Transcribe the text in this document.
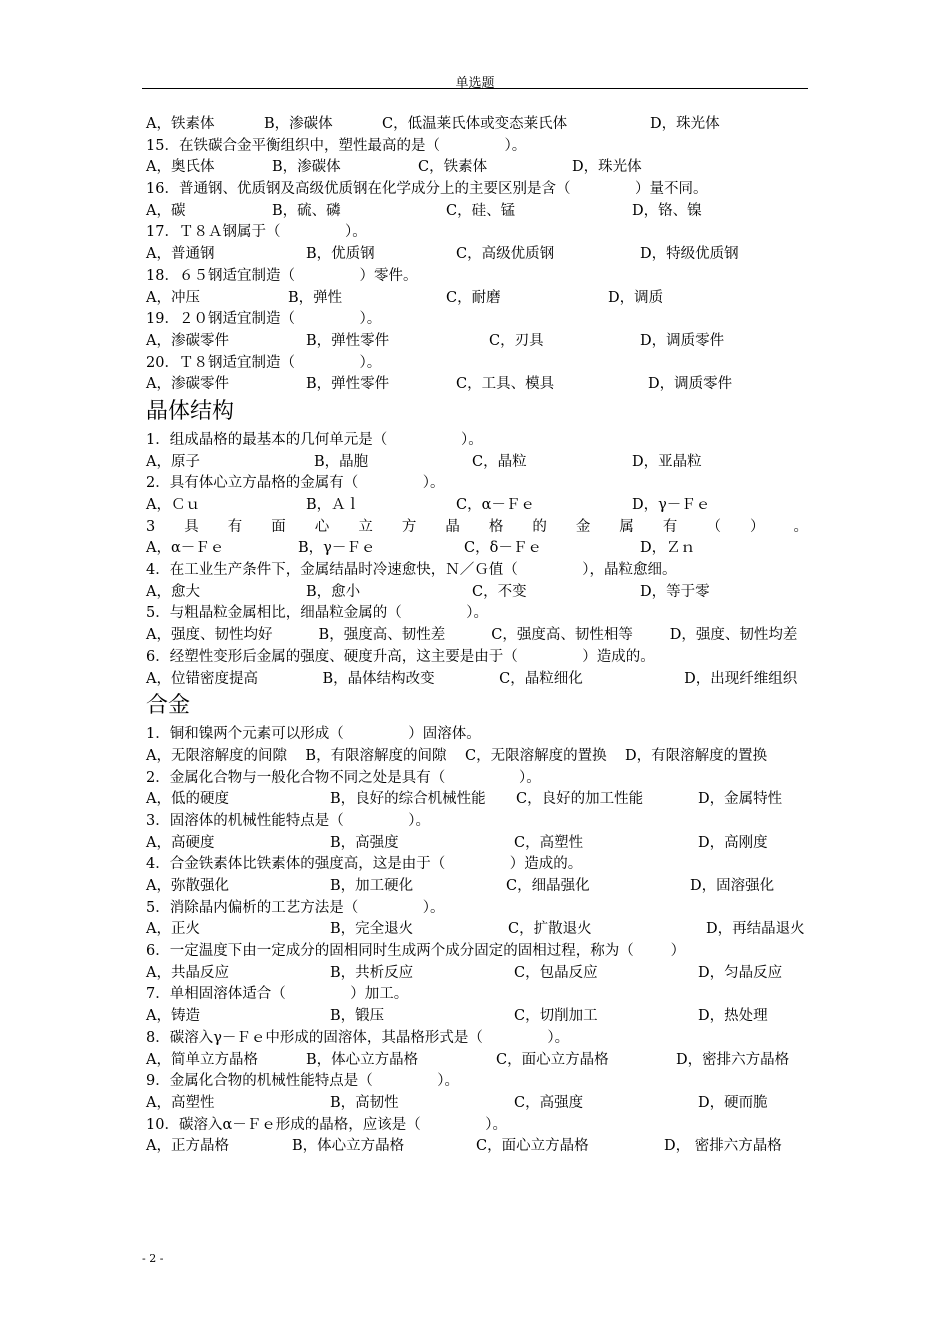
单选题
A，铁素体	B，渗碳体	C，低温莱氏体或变态莱氏体	D，珠光体
15．在铁碳合金平衡组织中，塑性最高的是（              ）。
A，奥氏体	B，渗碳体	C，铁素体	D，珠光体
16．普通钢、优质钢及高级优质钢在化学成分上的主要区别是含（              ）量不同。
A，碳	B，硫、磷	C，硅、锰	D，铬、镍
17．Ｔ８Ａ钢属于（              ）。
A，普通钢	B，优质钢	C，高级优质钢	D，特级优质钢
18．６５钢适宜制造（              ）零件。
A，冲压	B，弹性	C，耐磨	D，调质
19．２０钢适宜制造（              ）。
A，渗碳零件	B，弹性零件	C，刃具	D，调质零件
20．Ｔ８钢适宜制造（              ）。
A，渗碳零件	B，弹性零件	C，工具、模具	D，调质零件
晶体结构
1．组成晶格的最基本的几何单元是（                ）。
A，原子	B，晶胞	C，晶粒	D，亚晶粒
2．具有体心立方晶格的金属有（              ）。
A，Ｃｕ	B，Ａｌ	C，α－Ｆｅ	D，γ－Ｆｅ
3 具 有 面 心 立 方 晶 格 的 金 属 有 （ ） 。
A，α－Ｆｅ	B，γ－Ｆｅ	C，δ－Ｆｅ	D，Ｚｎ
4．在工业生产条件下，金属结晶时冷速愈快，Ｎ／Ｇ值（              ），晶粒愈细。
A，愈大	B，愈小	C，不变	D，等于零
5．与粗晶粒金属相比，细晶粒金属的（              ）。
A，强度、韧性均好          B，强度高、韧性差          C，强度高、韧性相等        D，强度、韧性均差
6．经塑性变形后金属的强度、硬度升高，这主要是由于（              ）造成的。
A，位错密度提高              B，晶体结构改变              C，晶粒细化                      D，出现纤维组织
合金
1．铜和镍两个元素可以形成（              ）固溶体。
A，无限溶解度的间隙    B，有限溶解度的间隙    C，无限溶解度的置换    D，有限溶解度的置换
2．金属化合物与一般化合物不同之处是具有（                ）。
A，低的硬度	B，良好的综合机械性能 C，良好的加工性能	D，金属特性
3．固溶体的机械性能特点是（              ）。
A，高硬度	B，高强度	C，高塑性	D，高刚度
4．合金铁素体比铁素体的强度高，这是由于（              ）造成的。
A，弥散强化	B，加工硬化	C，细晶强化	D，固溶强化
5．消除晶内偏析的工艺方法是（              ）。
A，正火	B，完全退火	C，扩散退火	D，再结晶退火
6．一定温度下由一定成分的固相同时生成两个成分固定的固相过程，称为（        ）
A，共晶反应	B，共析反应	C，包晶反应	D，匀晶反应
7．单相固溶体适合（              ）加工。
A，铸造	B，锻压	C，切削加工	D，热处理
8．碳溶入γ－Ｆｅ中形成的固溶体，其晶格形式是（              ）。
A，简单立方晶格	B，体心立方晶格	C，面心立方晶格	D，密排六方晶格
9．金属化合物的机械性能特点是（              ）。
A，高塑性	B，高韧性	C，高强度	D，硬而脆
10．碳溶入α－Ｆｅ形成的晶格，应该是（              ）。
A，正方晶格	B，体心立方晶格	C，面心立方晶格	D， 密排六方晶格
- 2 -
